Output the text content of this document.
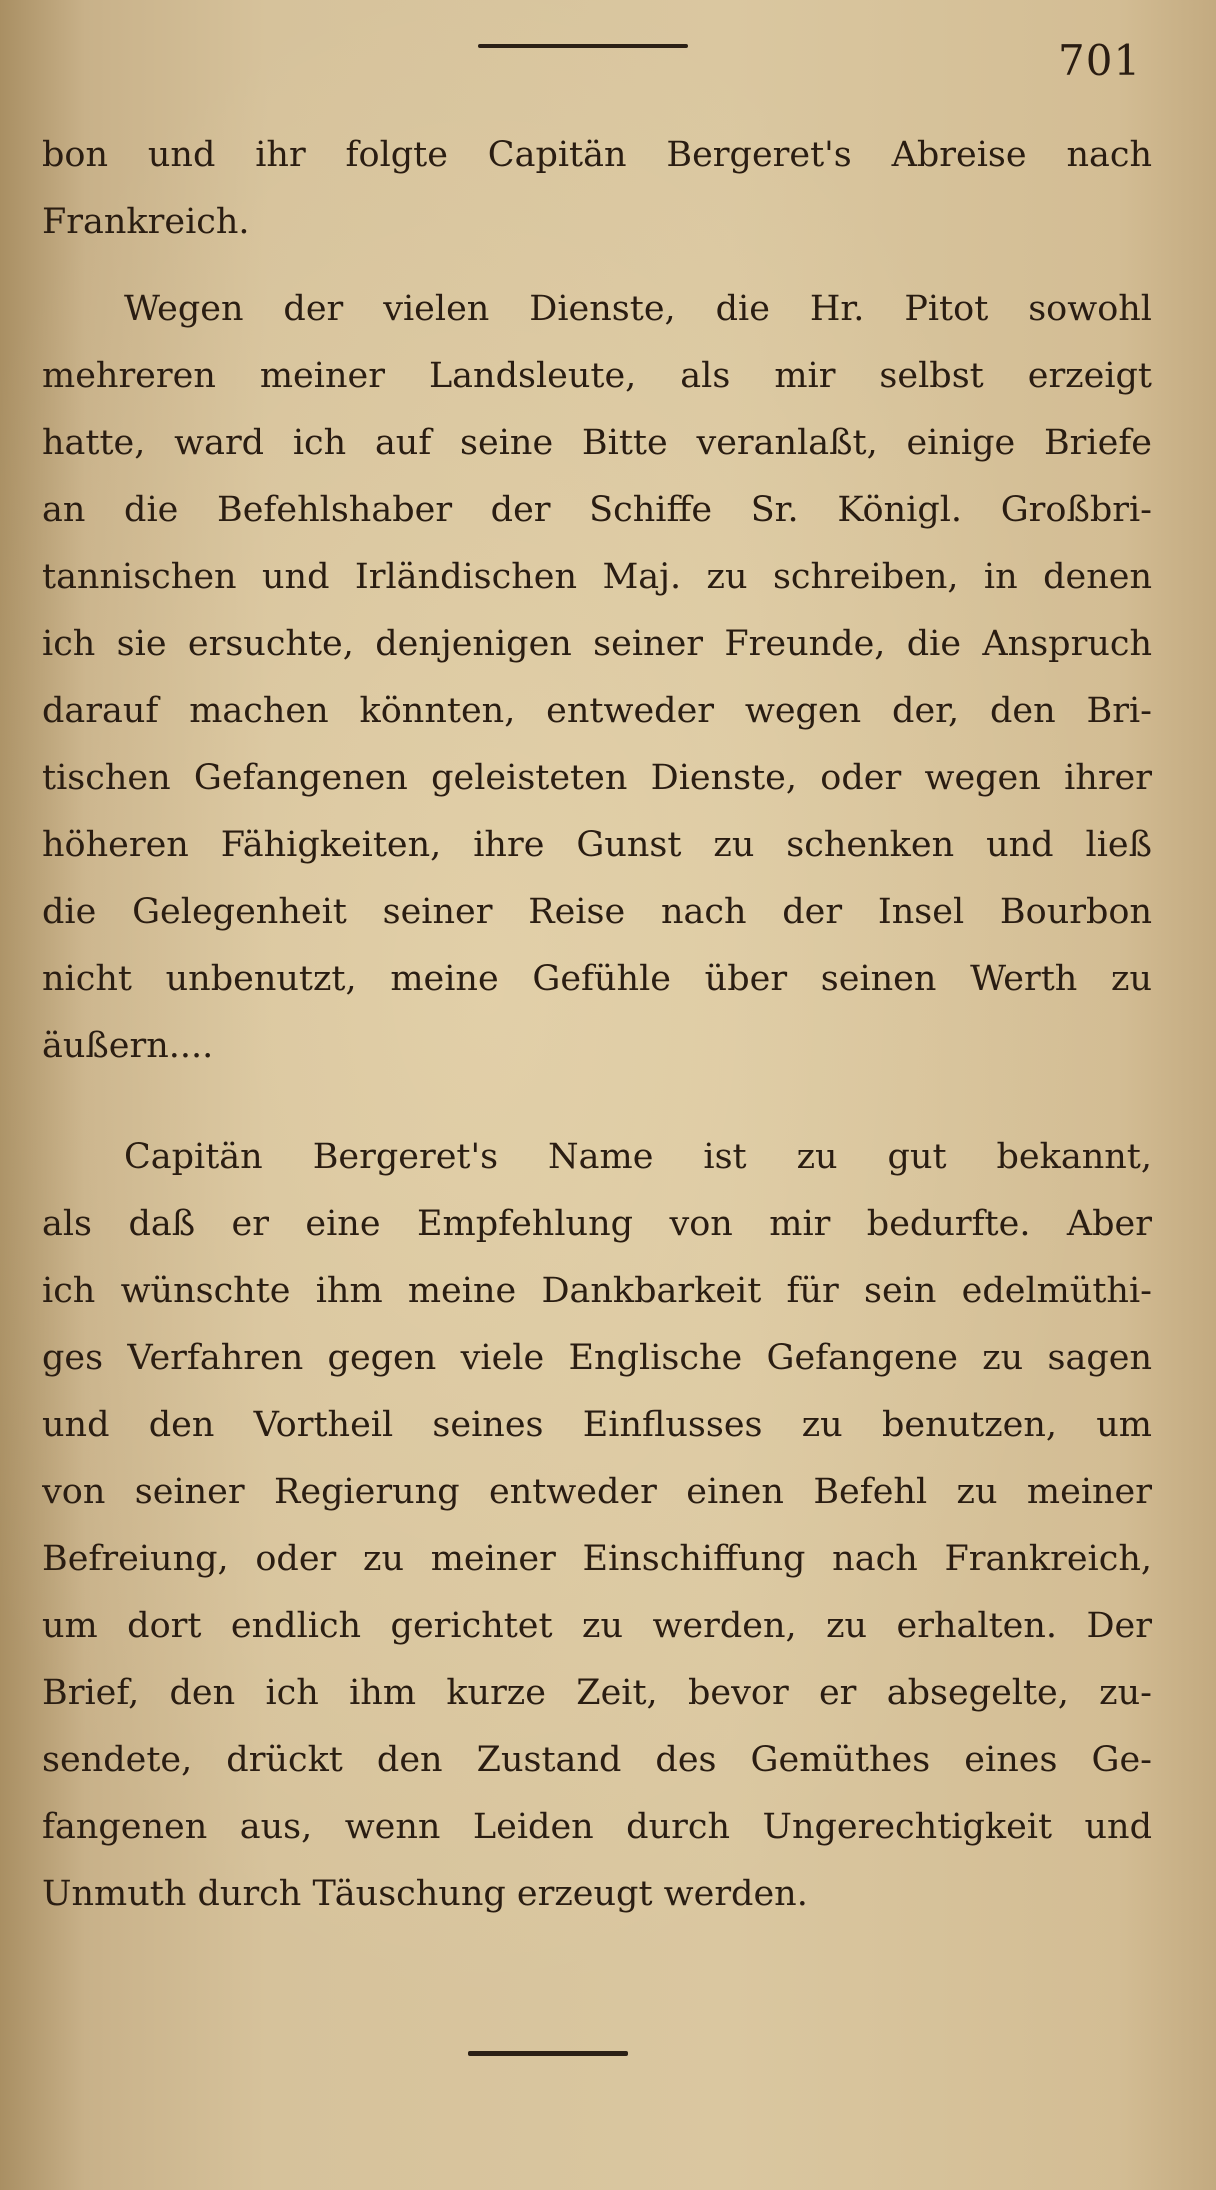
701
bon und ihr folgte Capitän Bergeret's Abreise nach
Frankreich.
Wegen der vielen Dienste, die Hr. Pitot sowohl
mehreren meiner Landsleute, als mir selbst erzeigt
hatte, ward ich auf seine Bitte veranlaßt, einige Briefe
an die Befehlshaber der Schiffe Sr. Königl. Großbri-
tannischen und Irländischen Maj. zu schreiben, in denen
ich sie ersuchte, denjenigen seiner Freunde, die Anspruch
darauf machen könnten, entweder wegen der, den Bri-
tischen Gefangenen geleisteten Dienste, oder wegen ihrer
höheren Fähigkeiten, ihre Gunst zu schenken und ließ
die Gelegenheit seiner Reise nach der Insel Bourbon
nicht unbenutzt, meine Gefühle über seinen Werth zu
äußern....
Capitän Bergeret's Name ist zu gut bekannt,
als daß er eine Empfehlung von mir bedurfte. Aber
ich wünschte ihm meine Dankbarkeit für sein edelmüthi-
ges Verfahren gegen viele Englische Gefangene zu sagen
und den Vortheil seines Einflusses zu benutzen, um
von seiner Regierung entweder einen Befehl zu meiner
Befreiung, oder zu meiner Einschiffung nach Frankreich,
um dort endlich gerichtet zu werden, zu erhalten. Der
Brief, den ich ihm kurze Zeit, bevor er absegelte, zu-
sendete, drückt den Zustand des Gemüthes eines Ge-
fangenen aus, wenn Leiden durch Ungerechtigkeit und
Unmuth durch Täuschung erzeugt werden.
